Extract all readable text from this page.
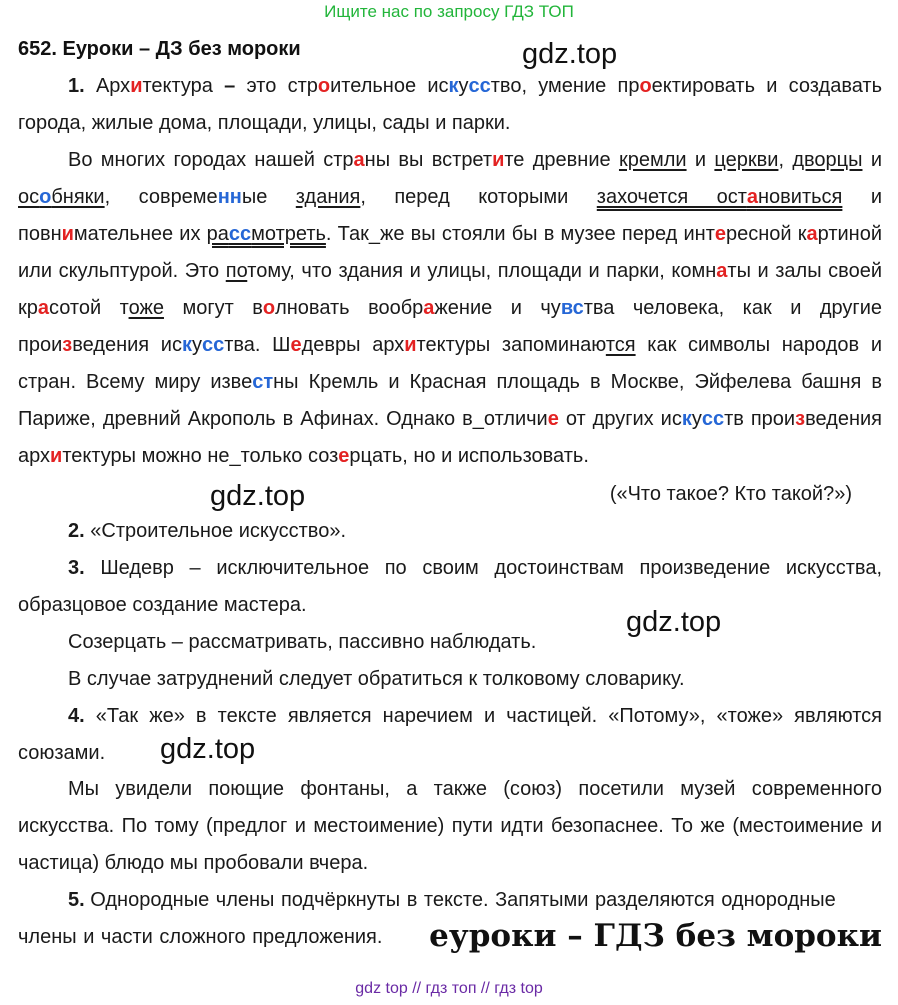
Ищите нас по запросу ГДЗ ТОП
652. Еуроки – ДЗ без мороки	gdz.top

1. Архитектура – это строительное искусство, умение проектировать и создавать города, жилые дома, площади, улицы, сады и парки.

Во многих городах нашей страны вы встретите древние кремли и церкви, дворцы и особняки, современные здания, перед которыми захочется остановиться и повнимательнее их рассмотреть. Так_же вы стояли бы в музее перед интересной картиной или скульптурой. Это потому, что здания и улицы, площади и парки, комнаты и залы своей красотой тоже могут волновать воображение и чувства человека, как и другие произведения искусства. Шедевры архитектуры запоминаются как символы народов и стран. Всему миру известны Кремль и Красная площадь в Москве, Эйфелева башня в Париже, древний Акрополь в Афинах. Однако в_отличие от других искусств произведения архитектуры можно не_только созерцать, но и использовать.

gdz.top	(«Что такое? Кто такой?»)
2. «Строительное искусство».

3. Шедевр – исключительное по своим достоинствам произведение искусства, образцовое создание мастера.

Созерцать – рассматривать, пассивно наблюдать.
gdz.top
В случае затруднений следует обратиться к толковому словарику.

4. «Так же» в тексте является наречием и частицей. «Потому», «тоже» являются союзами.	gdz.top

Мы увидели поющие фонтаны, а также (союз) посетили музей современного искусства. По тому (предлог и местоимение) пути идти безопаснее. То же (местоимение и частица) блюдо мы пробовали вчера.

5. Однородные члены подчёркнуты в тексте. Запятыми разделяются однородные члены и части сложного предложения.	еуроки – ГДЗ без мороки
gdz top // гдз топ // гдз top
